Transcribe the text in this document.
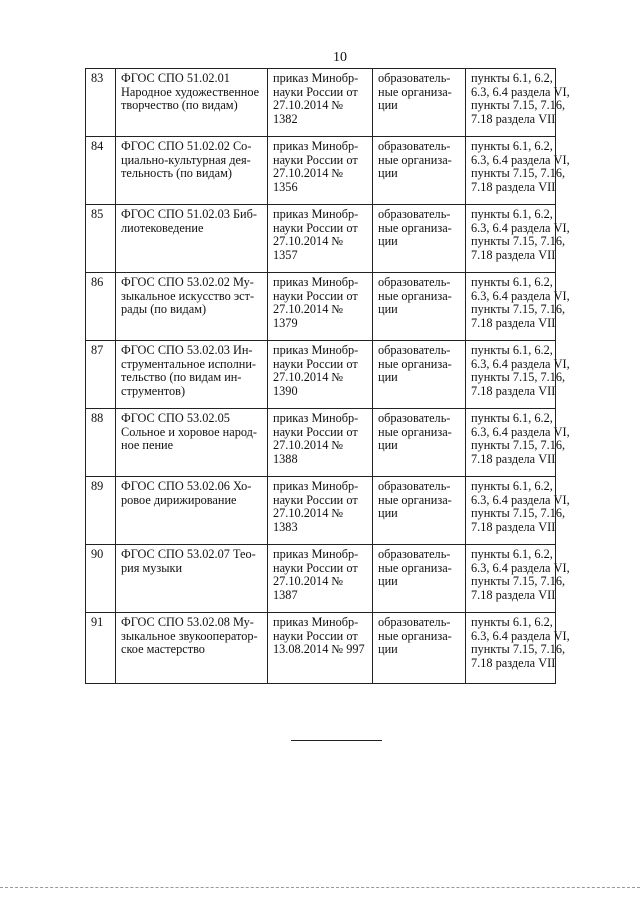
10
83	ФГОС СПО 51.02.01
Народное художественное
творчество (по видам)	приказ Минобр-
науки России от
27.10.2014 №
1382	образователь-
ные организа-
ции	пункты 6.1, 6.2,
6.3, 6.4 раздела VI,
пункты 7.15, 7.16,
7.18 раздела VII

84	ФГОС СПО 51.02.02 Со-
циально-культурная дея-
тельность (по видам)	приказ Минобр-
науки России от
27.10.2014 №
1356	образователь-
ные организа-
ции	пункты 6.1, 6.2,
6.3, 6.4 раздела VI,
пункты 7.15, 7.16,
7.18 раздела VII

85	ФГОС СПО 51.02.03 Биб-
лиотековедение	приказ Минобр-
науки России от
27.10.2014 №
1357	образователь-
ные организа-
ции	пункты 6.1, 6.2,
6.3, 6.4 раздела VI,
пункты 7.15, 7.16,
7.18 раздела VII

86	ФГОС СПО 53.02.02 Му-
зыкальное искусство эст-
рады (по видам)	приказ Минобр-
науки России от
27.10.2014 №
1379	образователь-
ные организа-
ции	пункты 6.1, 6.2,
6.3, 6.4 раздела VI,
пункты 7.15, 7.16,
7.18 раздела VII

87	ФГОС СПО 53.02.03 Ин-
струментальное исполни-
тельство (по видам ин-
струментов)	приказ Минобр-
науки России от
27.10.2014 №
1390	образователь-
ные организа-
ции	пункты 6.1, 6.2,
6.3, 6.4 раздела VI,
пункты 7.15, 7.16,
7.18 раздела VII

88	ФГОС СПО 53.02.05
Сольное и хоровое народ-
ное пение	приказ Минобр-
науки России от
27.10.2014 №
1388	образователь-
ные организа-
ции	пункты 6.1, 6.2,
6.3, 6.4 раздела VI,
пункты 7.15, 7.16,
7.18 раздела VII

89	ФГОС СПО 53.02.06 Хо-
ровое дирижирование	приказ Минобр-
науки России от
27.10.2014 №
1383	образователь-
ные организа-
ции	пункты 6.1, 6.2,
6.3, 6.4 раздела VI,
пункты 7.15, 7.16,
7.18 раздела VII

90	ФГОС СПО 53.02.07 Тео-
рия музыки	приказ Минобр-
науки России от
27.10.2014 №
1387	образователь-
ные организа-
ции	пункты 6.1, 6.2,
6.3, 6.4 раздела VI,
пункты 7.15, 7.16,
7.18 раздела VII

91	ФГОС СПО 53.02.08 Му-
зыкальное звукооператор-
ское мастерство	приказ Минобр-
науки России от
13.08.2014 № 997	образователь-
ные организа-
ции	пункты 6.1, 6.2,
6.3, 6.4 раздела VI,
пункты 7.15, 7.16,
7.18 раздела VII
